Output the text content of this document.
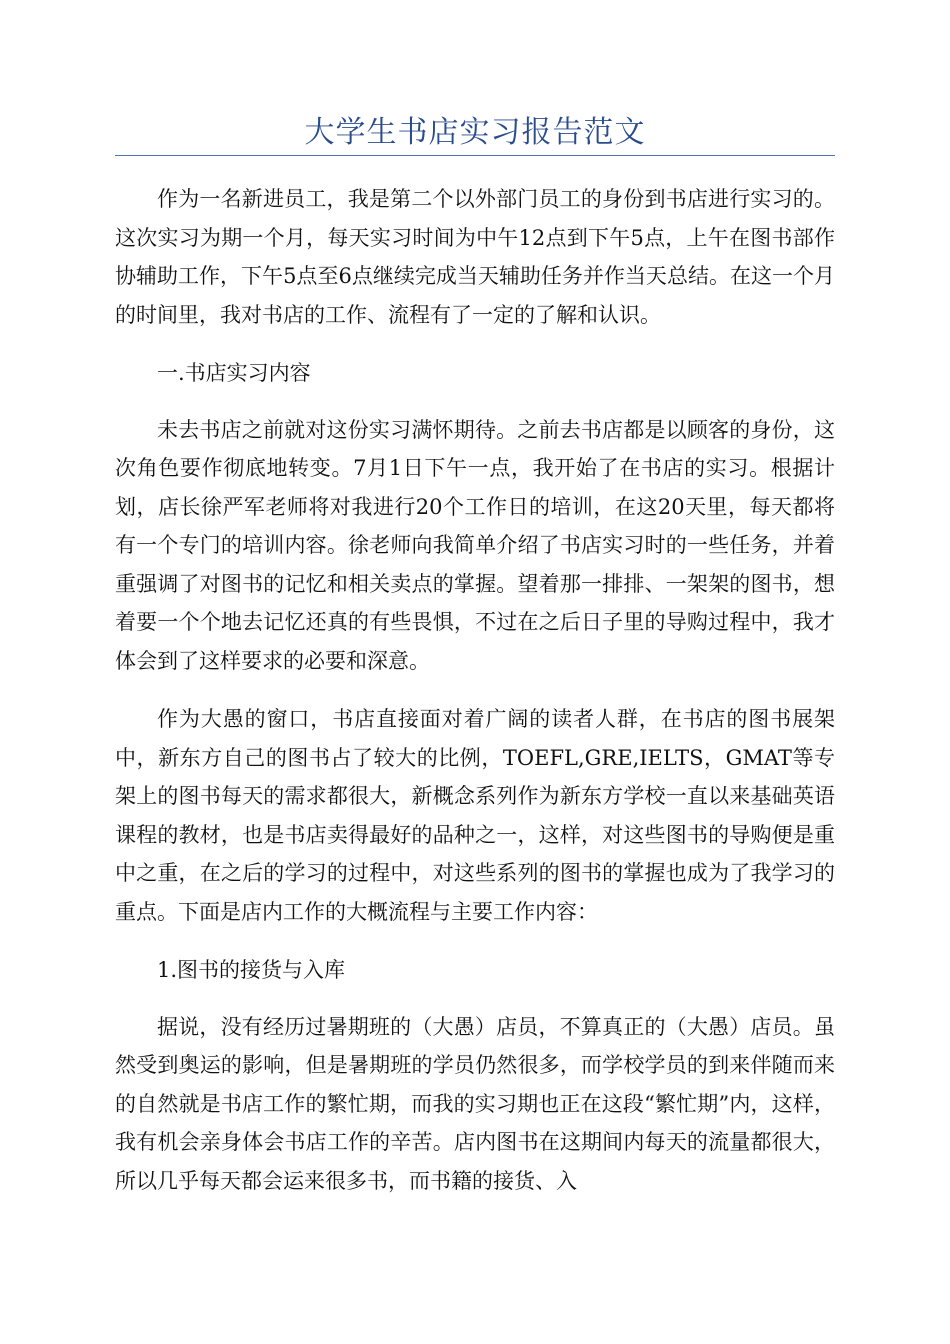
大学生书店实习报告范文

作为一名新进员工，我是第二个以外部门员工的身份到书店进行实习的。这次实习为期一个月，每天实习时间为中午12点到下午5点，上午在图书部作协辅助工作，下午5点至6点继续完成当天辅助任务并作当天总结。在这一个月的时间里，我对书店的工作、流程有了一定的了解和认识。

一.书店实习内容

未去书店之前就对这份实习满怀期待。之前去书店都是以顾客的身份，这次角色要作彻底地转变。7月1日下午一点，我开始了在书店的实习。根据计划，店长徐严军老师将对我进行20个工作日的培训，在这20天里，每天都将有一个专门的培训内容。徐老师向我简单介绍了书店实习时的一些任务，并着重强调了对图书的记忆和相关卖点的掌握。望着那一排排、一架架的图书，想着要一个个地去记忆还真的有些畏惧，不过在之后日子里的导购过程中，我才体会到了这样要求的必要和深意。

作为大愚的窗口，书店直接面对着广阔的读者人群，在书店的图书展架中，新东方自己的图书占了较大的比例，TOEFL,GRE,IELTS，GMAT等专架上的图书每天的需求都很大，新概念系列作为新东方学校一直以来基础英语课程的教材，也是书店卖得最好的品种之一，这样，对这些图书的导购便是重中之重，在之后的学习的过程中，对这些系列的图书的掌握也成为了我学习的重点。下面是店内工作的大概流程与主要工作内容：

1.图书的接货与入库

据说，没有经历过暑期班的（大愚）店员，不算真正的（大愚）店员。虽然受到奥运的影响，但是暑期班的学员仍然很多，而学校学员的到来伴随而来的自然就是书店工作的繁忙期，而我的实习期也正在这段“繁忙期”内，这样，我有机会亲身体会书店工作的辛苦。店内图书在这期间内每天的流量都很大，所以几乎每天都会运来很多书，而书籍的接货、入
